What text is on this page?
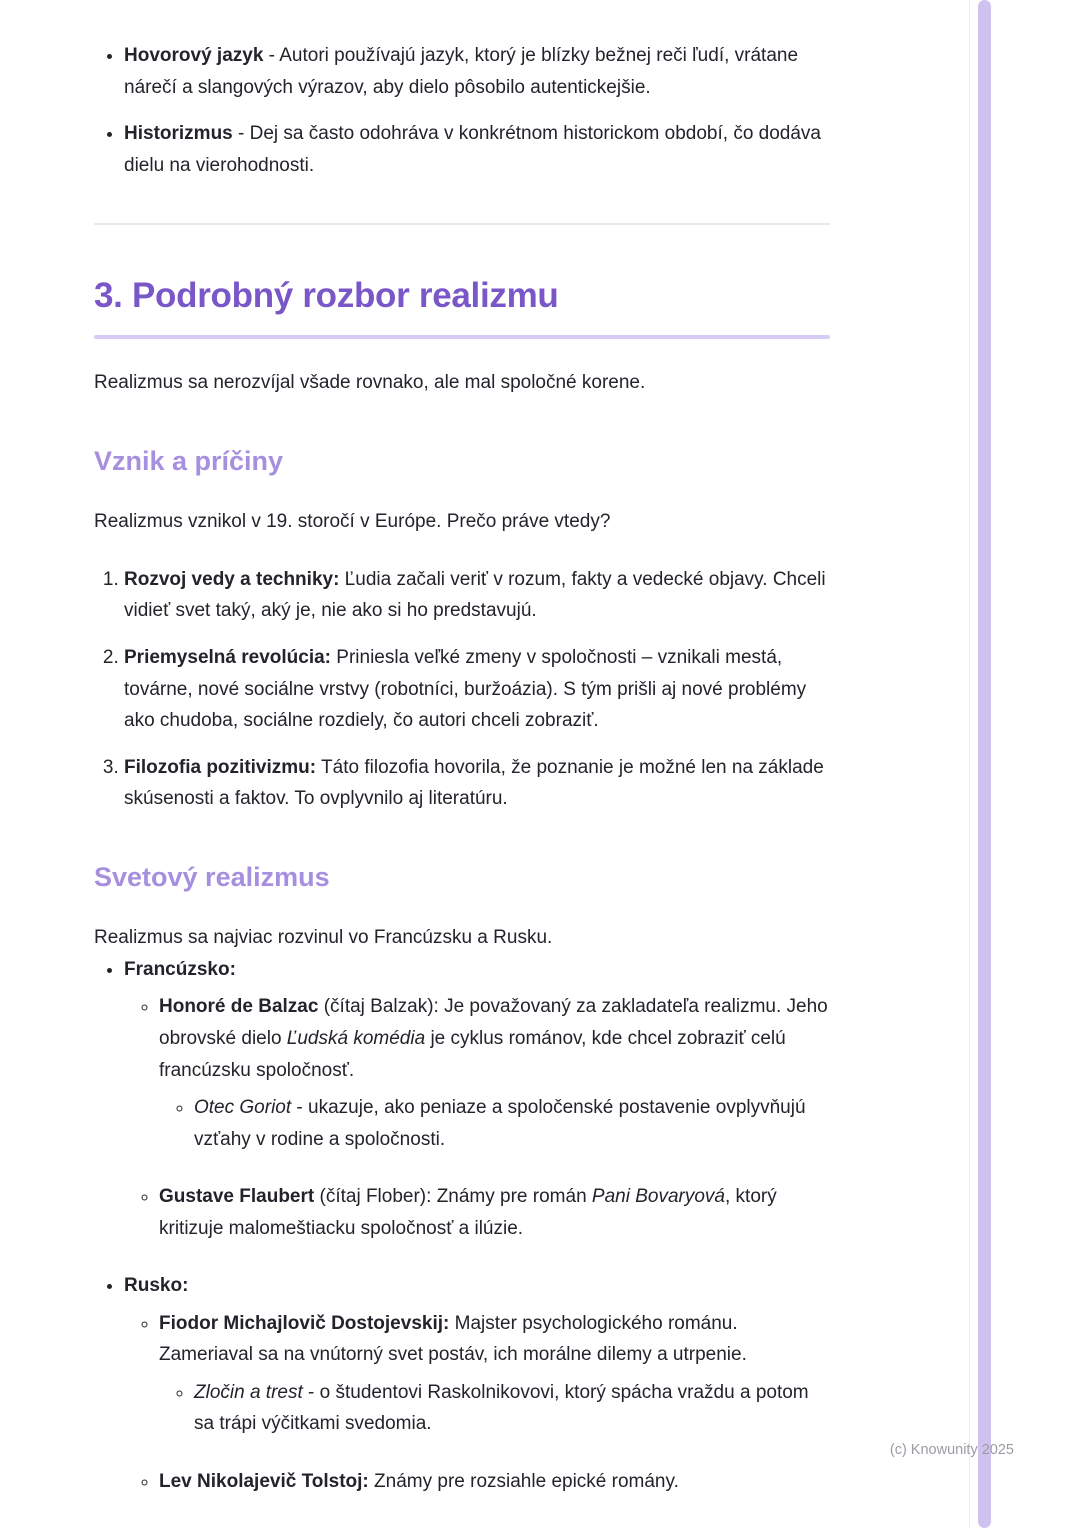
• Hovorový jazyk - Autori používajú jazyk, ktorý je blízky bežnej reči ľudí, vrátane nárečí a slangových výrazov, aby dielo pôsobilo autentickejšie.
• Historizmus - Dej sa často odohráva v konkrétnom historickom období, čo dodáva dielu na vierohodnosti.
3. Podrobný rozbor realizmu

Realizmus sa nerozvíjal všade rovnako, ale mal spoločné korene.

Vznik a príčiny

Realizmus vznikol v 19. storočí v Európe. Prečo práve vtedy?

1. Rozvoj vedy a techniky: Ľudia začali veriť v rozum, fakty a vedecké objavy. Chceli vidieť svet taký, aký je, nie ako si ho predstavujú.
2. Priemyselná revolúcia: Priniesla veľké zmeny v spoločnosti – vznikali mestá, továrne, nové sociálne vrstvy (robotníci, buržoázia). S tým prišli aj nové problémy ako chudoba, sociálne rozdiely, čo autori chceli zobraziť.
3. Filozofia pozitivizmu: Táto filozofia hovorila, že poznanie je možné len na základe skúsenosti a faktov. To ovplyvnilo aj literatúru.
Svetový realizmus

Realizmus sa najviac rozvinul vo Francúzsku a Rusku.

• Francúzsko:
◦ Honoré de Balzac (čítaj Balzak): Je považovaný za zakladateľa realizmu. Jeho obrovské dielo Ľudská komédia je cyklus románov, kde chcel zobraziť celú francúzsku spoločnosť.
◦ Otec Goriot - ukazuje, ako peniaze a spoločenské postavenie ovplyvňujú vzťahy v rodine a spoločnosti.
◦ Gustave Flaubert (čítaj Flober): Známy pre román Pani Bovaryová, ktorý kritizuje malomeštiacku spoločnosť a ilúzie.
• Rusko:
◦ Fiodor Michajlovič Dostojevskij: Majster psychologického románu. Zameriaval sa na vnútorný svet postáv, ich morálne dilemy a utrpenie.
◦ Zločin a trest - o študentovi Raskolnikovovi, ktorý spácha vraždu a potom sa trápi výčitkami svedomia.
◦ Lev Nikolajevič Tolstoj: Známy pre rozsiahle epické romány.
(c) Knowunity 2025
